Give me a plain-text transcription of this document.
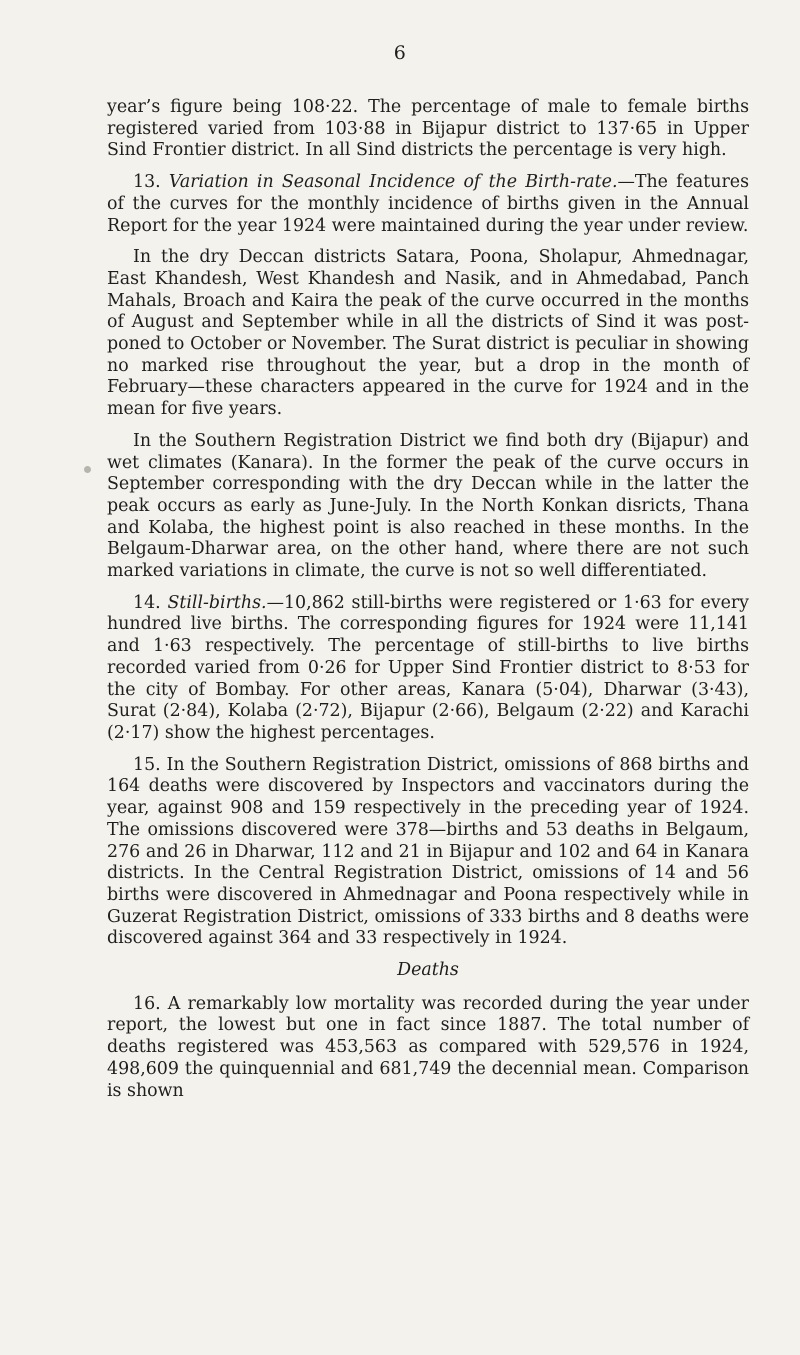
6

year’s figure being 108·22. The percentage of male to female births registered varied from 103·88 in Bijapur district to 137·65 in Upper Sind Frontier district. In all Sind districts the percentage is very high.

13. Variation in Seasonal Incidence of the Birth-rate.—The features of the curves for the monthly incidence of births given in the Annual Report for the year 1924 were maintained during the year under review.

In the dry Deccan districts Satara, Poona, Sholapur, Ahmednagar, East Khandesh, West Khandesh and Nasik, and in Ahmedabad, Panch Mahals, Broach and Kaira the peak of the curve occurred in the months of August and September while in all the districts of Sind it was post- poned to October or November. The Surat district is peculiar in showing no marked rise throughout the year, but a drop in the month of February—these characters appeared in the curve for 1924 and in the mean for five years.

In the Southern Registration District we find both dry (Bijapur) and wet climates (Kanara). In the former the peak of the curve occurs in September corresponding with the dry Deccan while in the latter the peak occurs as early as June-July. In the North Konkan disricts, Thana and Kolaba, the highest point is also reached in these months. In the Belgaum-Dharwar area, on the other hand, where there are not such marked variations in climate, the curve is not so well differentiated.

14. Still-births.—10,862 still-births were registered or 1·63 for every hundred live births. The corresponding figures for 1924 were 11,141 and 1·63 respectively. The percentage of still-births to live births recorded varied from 0·26 for Upper Sind Frontier district to 8·53 for the city of Bombay. For other areas, Kanara (5·04), Dharwar (3·43), Surat (2·84), Kolaba (2·72), Bijapur (2·66), Belgaum (2·22) and Karachi (2·17) show the highest percentages.

15. In the Southern Registration District, omissions of 868 births and 164 deaths were discovered by Inspectors and vaccinators during the year, against 908 and 159 respectively in the preceding year of 1924. The omissions discovered were 378—births and 53 deaths in Belgaum, 276 and 26 in Dharwar, 112 and 21 in Bijapur and 102 and 64 in Kanara districts. In the Central Registration District, omissions of 14 and 56 births were discovered in Ahmednagar and Poona respectively while in Guzerat Registration District, omissions of 333 births and 8 deaths were discovered against 364 and 33 respectively in 1924.

Deaths

16. A remarkably low mortality was recorded during the year under report, the lowest but one in fact since 1887. The total number of deaths registered was 453,563 as compared with 529,576 in 1924, 498,609 the quinquennial and 681,749 the decennial mean. Comparison is shown
